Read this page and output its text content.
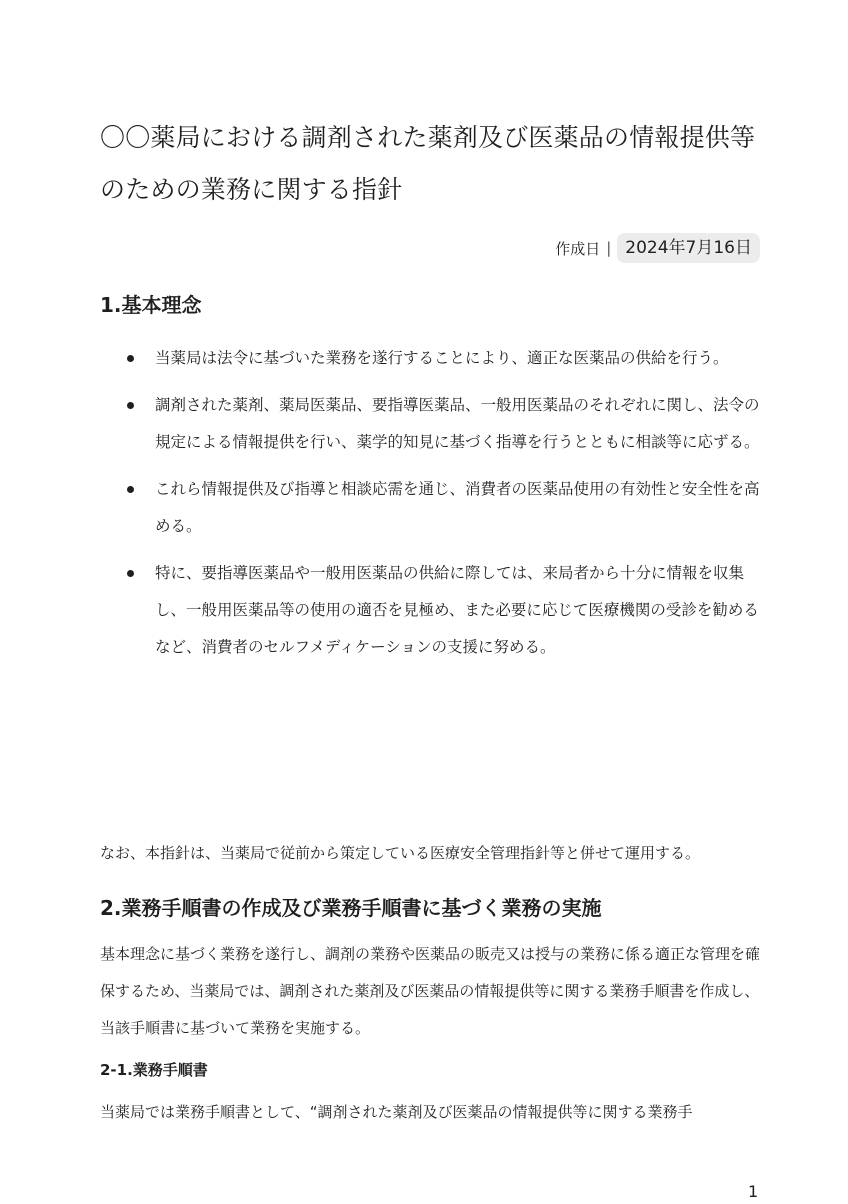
〇〇薬局における調剤された薬剤及び医薬品の情報提供等のための業務に関する指針
作成日 | 2024年7月16日
1.基本理念
当薬局は法令に基づいた業務を遂行することにより、適正な医薬品の供給を行う。
調剤された薬剤、薬局医薬品、要指導医薬品、一般用医薬品のそれぞれに関し、法令の規定による情報提供を行い、薬学的知見に基づく指導を行うとともに相談等に応ずる。
これら情報提供及び指導と相談応需を通じ、消費者の医薬品使用の有効性と安全性を高める。
特に、要指導医薬品や一般用医薬品の供給に際しては、来局者から十分に情報を収集し、一般用医薬品等の使用の適否を見極め、また必要に応じて医療機関の受診を勧めるなど、消費者のセルフメディケーションの支援に努める。

なお、本指針は、当薬局で従前から策定している医療安全管理指針等と併せて運用する。

2.業務手順書の作成及び業務手順書に基づく業務の実施

基本理念に基づく業務を遂行し、調剤の業務や医薬品の販売又は授与の業務に係る適正な管理を確保するため、当薬局では、調剤された薬剤及び医薬品の情報提供等に関する業務手順書を作成し、当該手順書に基づいて業務を実施する。

2-1.業務手順書

当薬局では業務手順書として、“調剤された薬剤及び医薬品の情報提供等に関する業務手

1
